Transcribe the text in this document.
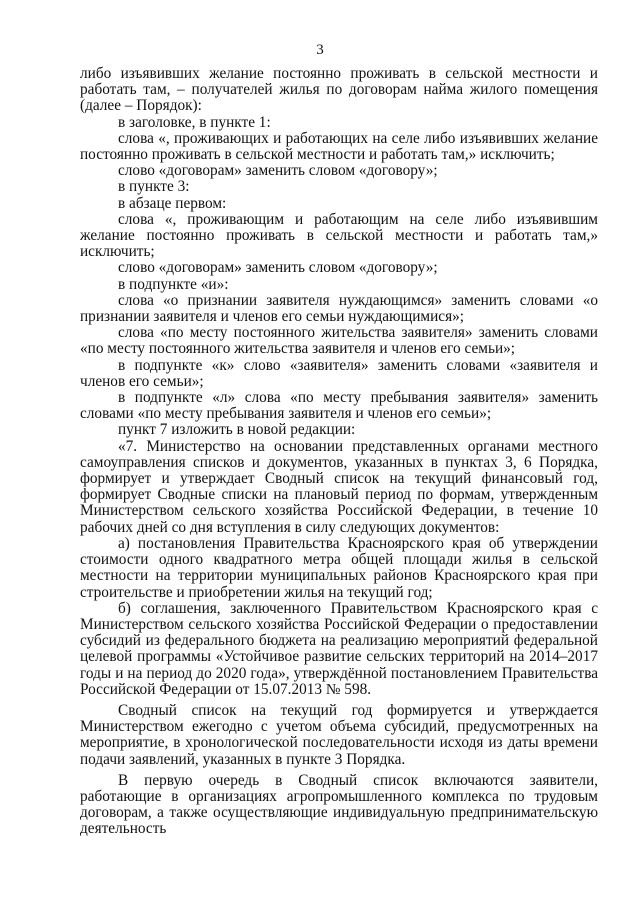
3

либо изъявивших желание постоянно проживать в сельской местности и работать там, – получателей жилья по договорам найма жилого помещения (далее – Порядок):

в заголовке, в пункте 1:

слова «, проживающих и работающих на селе либо изъявивших желание постоянно проживать в сельской местности и работать там,» исключить;

слово «договорам» заменить словом «договору»;

в пункте 3:

в абзаце первом:

слова «, проживающим и работающим на селе либо изъявившим желание постоянно проживать в сельской местности и работать там,» исключить;

слово «договорам» заменить словом «договору»;

в подпункте «и»:

слова «о признании заявителя нуждающимся» заменить словами «о признании заявителя и членов его семьи нуждающимися»;

слова «по месту постоянного жительства заявителя» заменить словами «по месту постоянного жительства заявителя и членов его семьи»;

в подпункте «к» слово «заявителя» заменить словами «заявителя и членов его семьи»;

в подпункте «л» слова «по месту пребывания заявителя» заменить словами «по месту пребывания заявителя и членов его семьи»;

пункт 7 изложить в новой редакции:

«7. Министерство на основании представленных органами местного самоуправления списков и документов, указанных в пунктах 3, 6 Порядка, формирует и утверждает Сводный список на текущий финансовый год, формирует Сводные списки на плановый период по формам, утвержденным Министерством сельского хозяйства Российской Федерации, в течение 10 рабочих дней со дня вступления в силу следующих документов:

а) постановления Правительства Красноярского края об утверждении стоимости одного квадратного метра общей площади жилья в сельской местности на территории муниципальных районов Красноярского края при строительстве и приобретении жилья на текущий год;

б) соглашения, заключенного Правительством Красноярского края с Министерством сельского хозяйства Российской Федерации о предоставлении субсидий из федерального бюджета на реализацию мероприятий федеральной целевой программы «Устойчивое развитие сельских территорий на 2014–2017 годы и на период до 2020 года», утверждённой постановлением Правительства Российской Федерации от 15.07.2013 № 598.

Сводный список на текущий год формируется и утверждается Министерством ежегодно с учетом объема субсидий, предусмотренных на мероприятие, в хронологической последовательности исходя из даты времени подачи заявлений, указанных в пункте 3 Порядка.

В первую очередь в Сводный список включаются заявители, работающие в организациях агропромышленного комплекса по трудовым договорам, а также осуществляющие индивидуальную предпринимательскую деятельность
